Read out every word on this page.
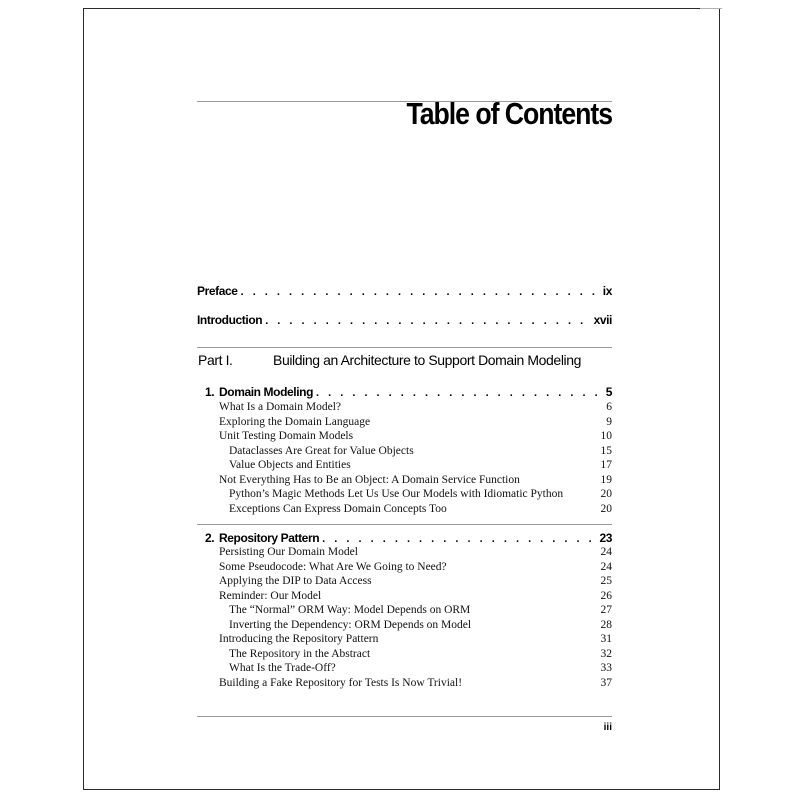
Table of Contents
Preface . . .	ix
Introduction . . .	xvii
Part I.	Building an Architecture to Support Domain Modeling
1. Domain Modeling . . .	5
What Is a Domain Model?	6
Exploring the Domain Language	9
Unit Testing Domain Models	10
Dataclasses Are Great for Value Objects	15
Value Objects and Entities	17
Not Everything Has to Be an Object: A Domain Service Function	19
Python’s Magic Methods Let Us Use Our Models with Idiomatic Python	20
Exceptions Can Express Domain Concepts Too	20
2. Repository Pattern . . .	23
Persisting Our Domain Model	24
Some Pseudocode: What Are We Going to Need?	24
Applying the DIP to Data Access	25
Reminder: Our Model	26
The “Normal” ORM Way: Model Depends on ORM	27
Inverting the Dependency: ORM Depends on Model	28
Introducing the Repository Pattern	31
The Repository in the Abstract	32
What Is the Trade-Off?	33
Building a Fake Repository for Tests Is Now Trivial!	37
iii
